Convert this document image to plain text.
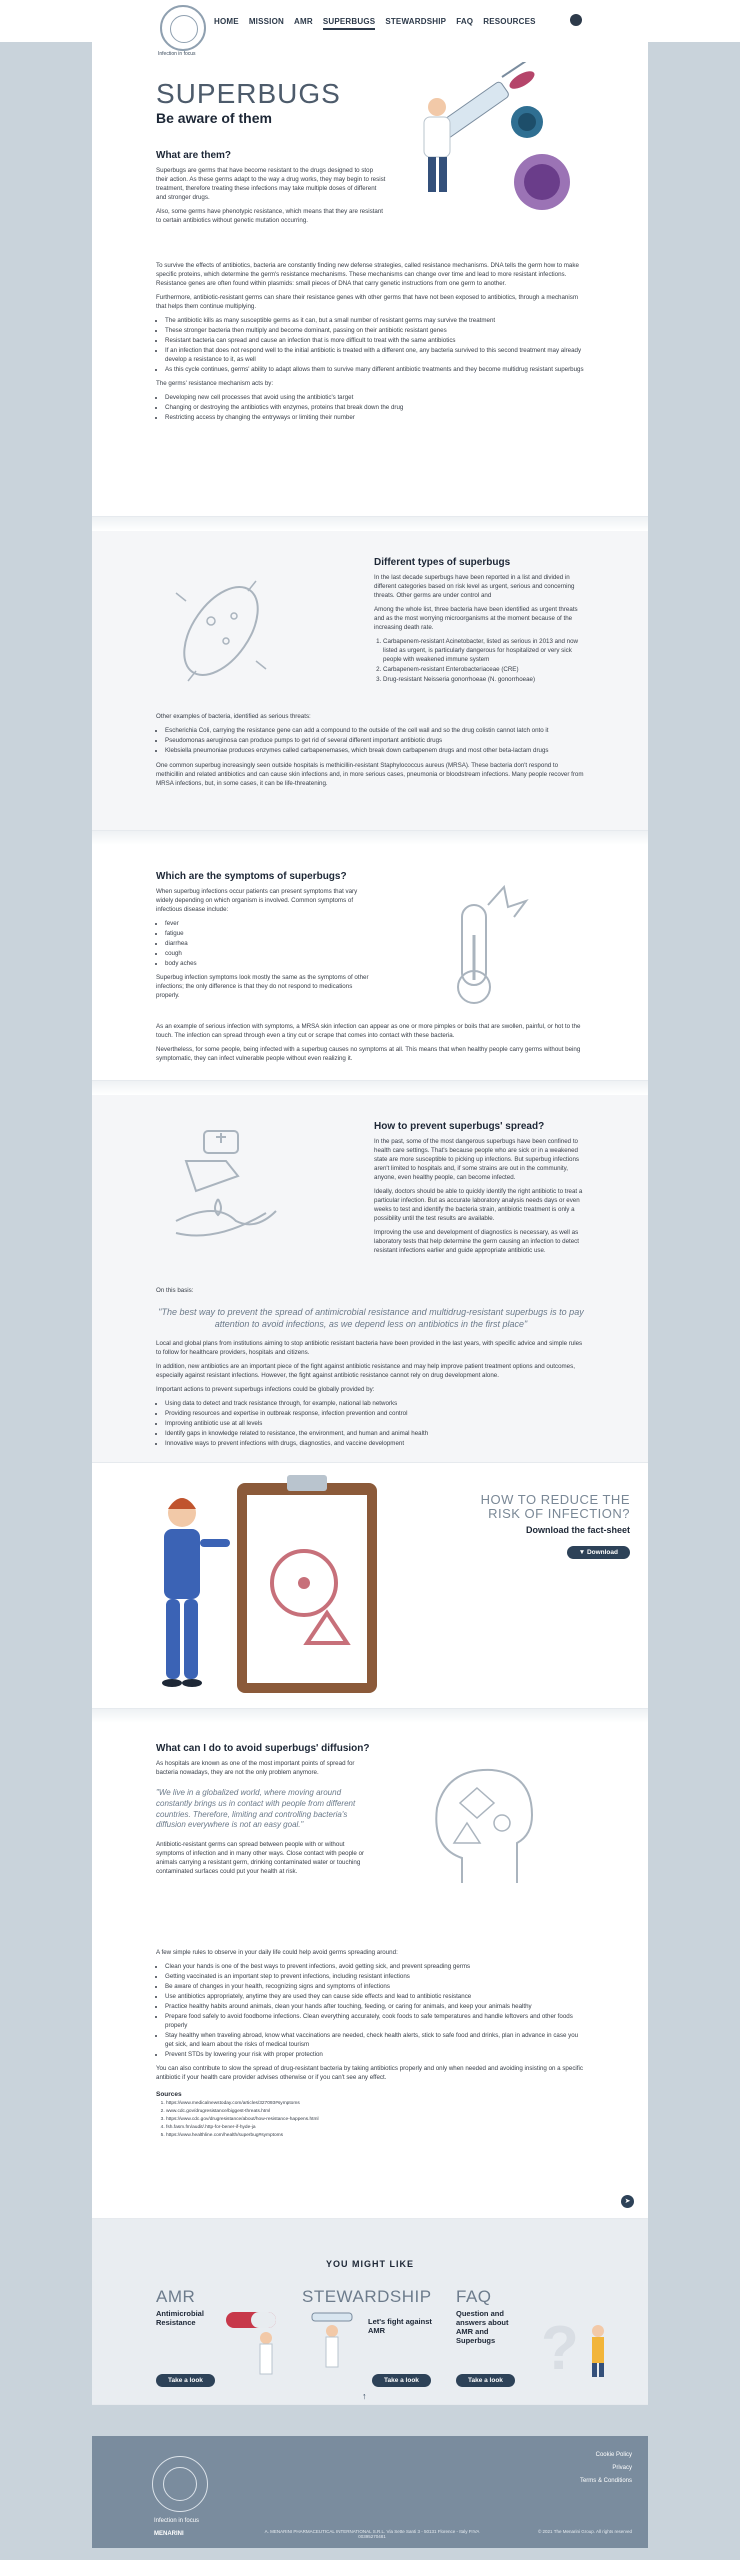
Infection in focus
HOME MISSION AMR SUPERBUGS STEWARDSHIP FAQ RESOURCES
SUPERBUGS
Be aware of them
What are them?

Superbugs are germs that have become resistant to the drugs designed to stop their action. As these germs adapt to the way a drug works, they may begin to resist treatment, therefore treating these infections may take multiple doses of different and stronger drugs.

Also, some germs have phenotypic resistance, which means that they are resistant to certain antibiotics without genetic mutation occurring.

To survive the effects of antibiotics, bacteria are constantly finding new defense strategies, called resistance mechanisms. DNA tells the germ how to make specific proteins, which determine the germ's resistance mechanisms. These mechanisms can change over time and lead to more resistant infections. Resistance genes are often found within plasmids: small pieces of DNA that carry genetic instructions from one germ to another.

Furthermore, antibiotic-resistant germs can share their resistance genes with other germs that have not been exposed to antibiotics, through a mechanism that helps them continue multiplying.

• The antibiotic kills as many susceptible germs as it can, but a small number of resistant germs may survive the treatment
• These stronger bacteria then multiply and become dominant, passing on their antibiotic resistant genes
• Resistant bacteria can spread and cause an infection that is more difficult to treat with the same antibiotics
• If an infection that does not respond well to the initial antibiotic is treated with a different one, any bacteria survived to this second treatment may already develop a resistance to it, as well
• As this cycle continues, germs' ability to adapt allows them to survive many different antibiotic treatments and they become multidrug resistant superbugs

The germs' resistance mechanism acts by:

• Developing new cell processes that avoid using the antibiotic's target
• Changing or destroying the antibiotics with enzymes, proteins that break down the drug
• Restricting access by changing the entryways or limiting their number
Different types of superbugs

In the last decade superbugs have been reported in a list and divided in different categories based on risk level as urgent, serious and concerning threats. Other germs are under control and

Among the whole list, three bacteria have been identified as urgent threats and as the most worrying microorganisms at the moment because of the increasing death rate.

1. Carbapenem-resistant Acinetobacter, listed as serious in 2013 and now listed as urgent, is particularly dangerous for hospitalized or very sick people with weakened immune system
2. Carbapenem-resistant Enterobacteriaceae (CRE)
3. Drug-resistant Neisseria gonorrhoeae (N. gonorrhoeae)

Other examples of bacteria, identified as serious threats:

• Escherichia Coli, carrying the resistance gene can add a compound to the outside of the cell wall and so the drug colistin cannot latch onto it
• Pseudomonas aeruginosa can produce pumps to get rid of several different important antibiotic drugs
• Klebsiella pneumoniae produces enzymes called carbapenemases, which break down carbapenem drugs and most other beta-lactam drugs

One common superbug increasingly seen outside hospitals is methicillin-resistant Staphylococcus aureus (MRSA). These bacteria don't respond to methicillin and related antibiotics and can cause skin infections and, in more serious cases, pneumonia or bloodstream infections. Many people recover from MRSA infections, but, in some cases, it can be life-threatening.

Which are the symptoms of superbugs?

When superbug infections occur patients can present symptoms that vary widely depending on which organism is involved. Common symptoms of infectious disease include:

• fever
• fatigue
• diarrhea
• cough
• body aches

Superbug infection symptoms look mostly the same as the symptoms of other infections; the only difference is that they do not respond to medications properly.

As an example of serious infection with symptoms, a MRSA skin infection can appear as one or more pimples or boils that are swollen, painful, or hot to the touch. The infection can spread through even a tiny cut or scrape that comes into contact with these bacteria.

Nevertheless, for some people, being infected with a superbug causes no symptoms at all. This means that when healthy people carry germs without being symptomatic, they can infect vulnerable people without even realizing it.

How to prevent superbugs' spread?

In the past, some of the most dangerous superbugs have been confined to health care settings. That's because people who are sick or in a weakened state are more susceptible to picking up infections. But superbug infections aren't limited to hospitals and, if some strains are out in the community, anyone, even healthy people, can become infected.

Ideally, doctors should be able to quickly identify the right antibiotic to treat a particular infection. But as accurate laboratory analysis needs days or even weeks to test and identify the bacteria strain, antibiotic treatment is only a possibility until the test results are available.

Improving the use and development of diagnostics is necessary, as well as laboratory tests that help determine the germ causing an infection to detect resistant infections earlier and guide appropriate antibiotic use.

On this basis:

"The best way to prevent the spread of antimicrobial resistance and multidrug-resistant superbugs is to pay attention to avoid infections, as we depend less on antibiotics in the first place"

Local and global plans from institutions aiming to stop antibiotic resistant bacteria have been provided in the last years, with specific advice and simple rules to follow for healthcare providers, hospitals and citizens.

In addition, new antibiotics are an important piece of the fight against antibiotic resistance and may help improve patient treatment options and outcomes, especially against resistant infections. However, the fight against antibiotic resistance cannot rely on drug development alone.

Important actions to prevent superbugs infections could be globally provided by:

• Using data to detect and track resistance through, for example, national lab networks
• Providing resources and expertise in outbreak response, infection prevention and control
• Improving antibiotic use at all levels
• Identify gaps in knowledge related to resistance, the environment, and human and animal health
• Innovative ways to prevent infections with drugs, diagnostics, and vaccine development
HOW TO REDUCE THE
RISK OF INFECTION?
Download the fact-sheet
▼ Download
What can I do to avoid superbugs' diffusion?

As hospitals are known as one of the most important points of spread for bacteria nowadays, they are not the only problem anymore.

"We live in a globalized world, where moving around constantly brings us in contact with people from different countries. Therefore, limiting and controlling bacteria's diffusion everywhere is not an easy goal."

Antibiotic-resistant germs can spread between people with or without symptoms of infection and in many other ways. Close contact with people or animals carrying a resistant germ, drinking contaminated water or touching contaminated surfaces could put your health at risk.

A few simple rules to observe in your daily life could help avoid germs spreading around:

• Clean your hands is one of the best ways to prevent infections, avoid getting sick, and prevent spreading germs
• Getting vaccinated is an important step to prevent infections, including resistant infections
• Be aware of changes in your health, recognizing signs and symptoms of infections
• Use antibiotics appropriately, anytime they are used they can cause side effects and lead to antibiotic resistance
• Practice healthy habits around animals, clean your hands after touching, feeding, or caring for animals, and keep your animals healthy
• Prepare food safely to avoid foodborne infections. Clean everything accurately, cook foods to safe temperatures and handle leftovers and other foods properly
• Stay healthy when traveling abroad, know what vaccinations are needed, check health alerts, stick to safe food and drinks, plan in advance in case you get sick, and learn about the risks of medical tourism
• Prevent STDs by lowering your risk with proper protection

You can also contribute to slow the spread of drug-resistant bacteria by taking antibiotics properly and only when needed and avoiding insisting on a specific antibiotic if your health care provider advises otherwise or if you can't see any effect.

Sources
1. https://www.medicalnewstoday.com/articles/327093#symptoms
2. www.cdc.gov/drugresistance/biggest-threats.html
3. https://www.cdc.gov/drugresistance/about/how-resistance-happens.html
4. fsh.fasm.fm/audit/.http-for-bener-if-hyde-ja
5. https://www.healthline.com/health/superbug#symptoms
➤
YOU MIGHT LIKE
AMR
Antimicrobial Resistance
Take a look
STEWARDSHIP
Let's fight against AMR
Take a look
FAQ
Question and answers about AMR and Superbugs ?
Take a look
↑
Infection in focus
Cookie Policy
Privacy
Terms & Conditions
MENARINI	A. MENARINI PHARMACEUTICAL INTERNATIONAL S.R.L. Via Sette Santi 3 - 50131 Florence - Italy P.IVA 00395270481
© 2021 The Menarini Group. All rights reserved
